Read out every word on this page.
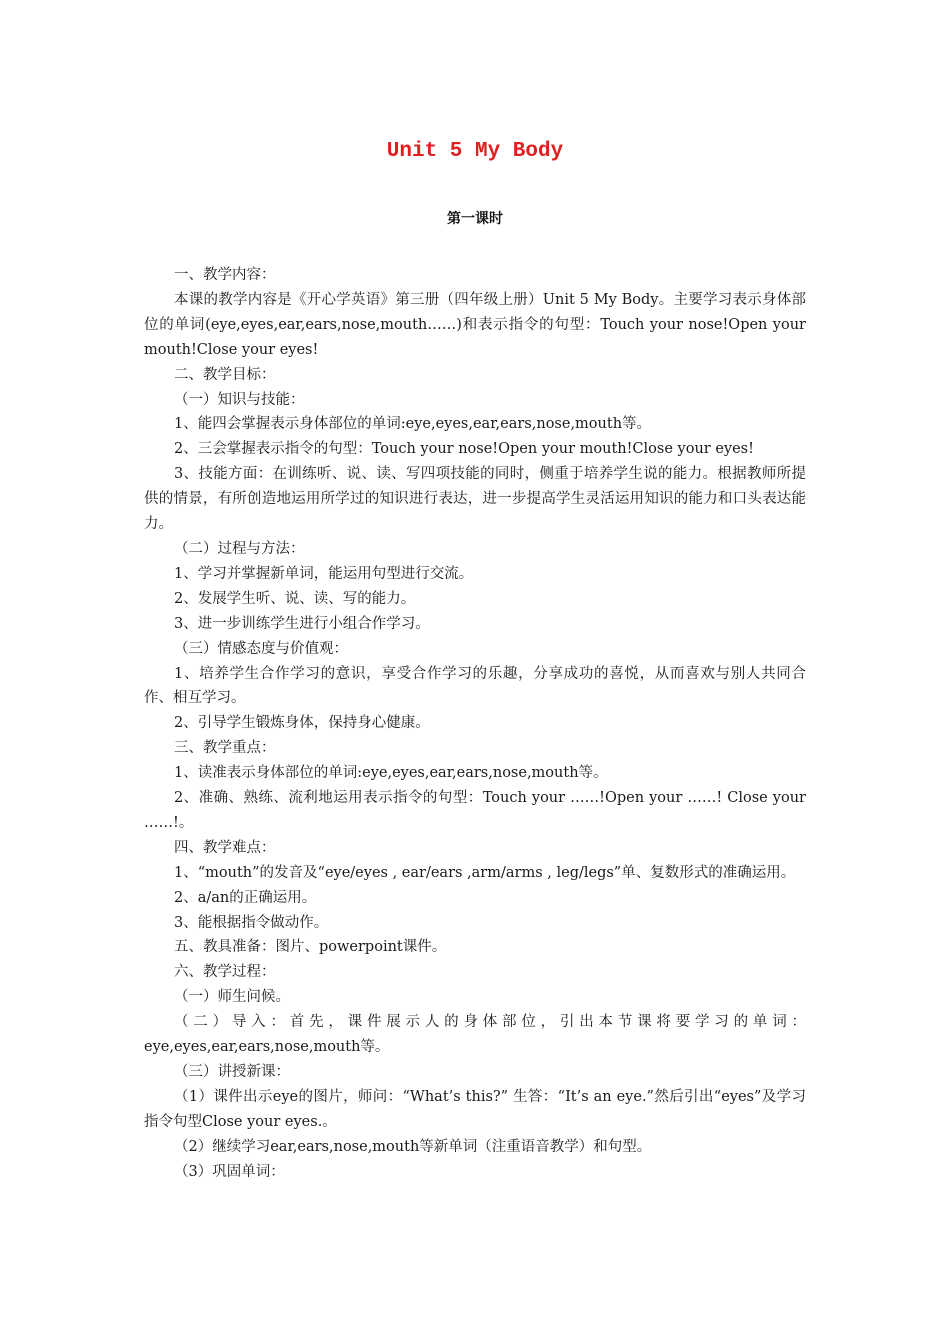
Unit 5 My Body
第一课时

一、教学内容：

本课的教学内容是《开心学英语》第三册（四年级上册）Unit 5 My Body。主要学习表示身体部位的单词(eye,eyes,ear,ears,nose,mouth……)和表示指令的句型：Touch your nose!Open your mouth!Close your eyes!

二、教学目标：

（一）知识与技能：

1、能四会掌握表示身体部位的单词:eye,eyes,ear,ears,nose,mouth等。

2、三会掌握表示指令的句型：Touch your nose!Open your mouth!Close your eyes!

3、技能方面：在训练听、说、读、写四项技能的同时，侧重于培养学生说的能力。根据教师所提供的情景，有所创造地运用所学过的知识进行表达，进一步提高学生灵活运用知识的能力和口头表达能力。

（二）过程与方法：

1、学习并掌握新单词，能运用句型进行交流。

2、发展学生听、说、读、写的能力。

3、进一步训练学生进行小组合作学习。

（三）情感态度与价值观：

1、培养学生合作学习的意识，享受合作学习的乐趣，分享成功的喜悦，从而喜欢与别人共同合作、相互学习。

2、引导学生锻炼身体，保持身心健康。

三、教学重点：

1、读准表示身体部位的单词:eye,eyes,ear,ears,nose,mouth等。

2、准确、熟练、流利地运用表示指令的句型：Touch your ……!Open your ……! Close your ……!。

四、教学难点：

1、“mouth”的发音及“eye/eyes , ear/ears ,arm/arms , leg/legs”单、复数形式的准确运用。

2、a/an的正确运用。

3、能根据指令做动作。

五、教具准备：图片、powerpoint课件。

六、教学过程：

（一）师生问候。

（二）导入：首先，课件展示人的身体部位，引出本节课将要学习的单词：eye,eyes,ear,ears,nose,mouth等。

（三）讲授新课：

（1）课件出示eye的图片，师问：“What’s this?” 生答：“It’s an eye.”然后引出“eyes”及学习指令句型Close your eyes.。

（2）继续学习ear,ears,nose,mouth等新单词（注重语音教学）和句型。

（3）巩固单词：
